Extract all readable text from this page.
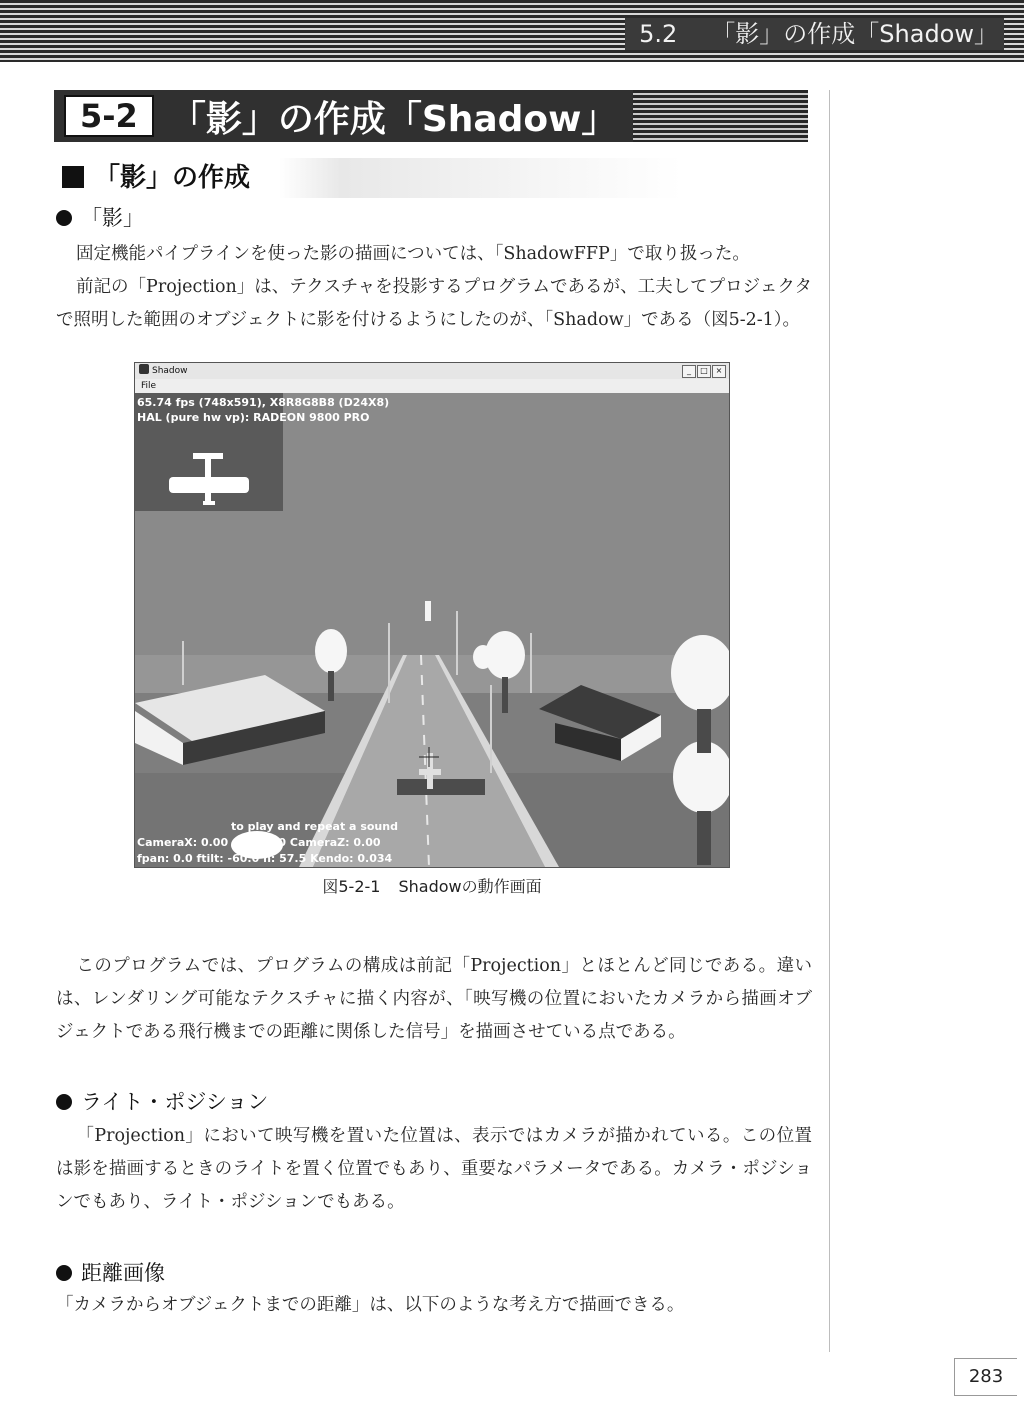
5.2 「影」の作成「Shadow」
5-2 「影」の作成「Shadow」
「影」の作成
「影」

固定機能パイプラインを使った影の描画については、「ShadowFFP」で取り扱った。

前記の「Projection」は、テクスチャを投影するプログラムであるが、工夫してプロジェクタで照明した範囲のオブジェクトに影を付けるようにしたのが、「Shadow」である（図5-2-1）。

Shadow	_	□ ×
File
65.74 fps (748x591), X8R8G8B8 (D24X8)
HAL (pure hw vp): RADEON 9800 PRO
to play and repeat a sound
CameraX: 0.00 Ca 15.00 CameraZ: 0.00
fpan: 0.0 ftilt: -60.0 n: 57.5 Kendo: 0.034
図5-2-1 Shadowの動作画面

このプログラムでは、プログラムの構成は前記「Projection」とほとんど同じである。違いは、レンダリング可能なテクスチャに描く内容が、「映写機の位置においたカメラから描画オブジェクトである飛行機までの距離に関係した信号」を描画させている点である。

ライト・ポジション

「Projection」において映写機を置いた位置は、表示ではカメラが描かれている。この位置は影を描画するときのライトを置く位置でもあり、重要なパラメータである。カメラ・ポジションでもあり、ライト・ポジションでもある。

距離画像

「カメラからオブジェクトまでの距離」は、以下のような考え方で描画できる。

283
